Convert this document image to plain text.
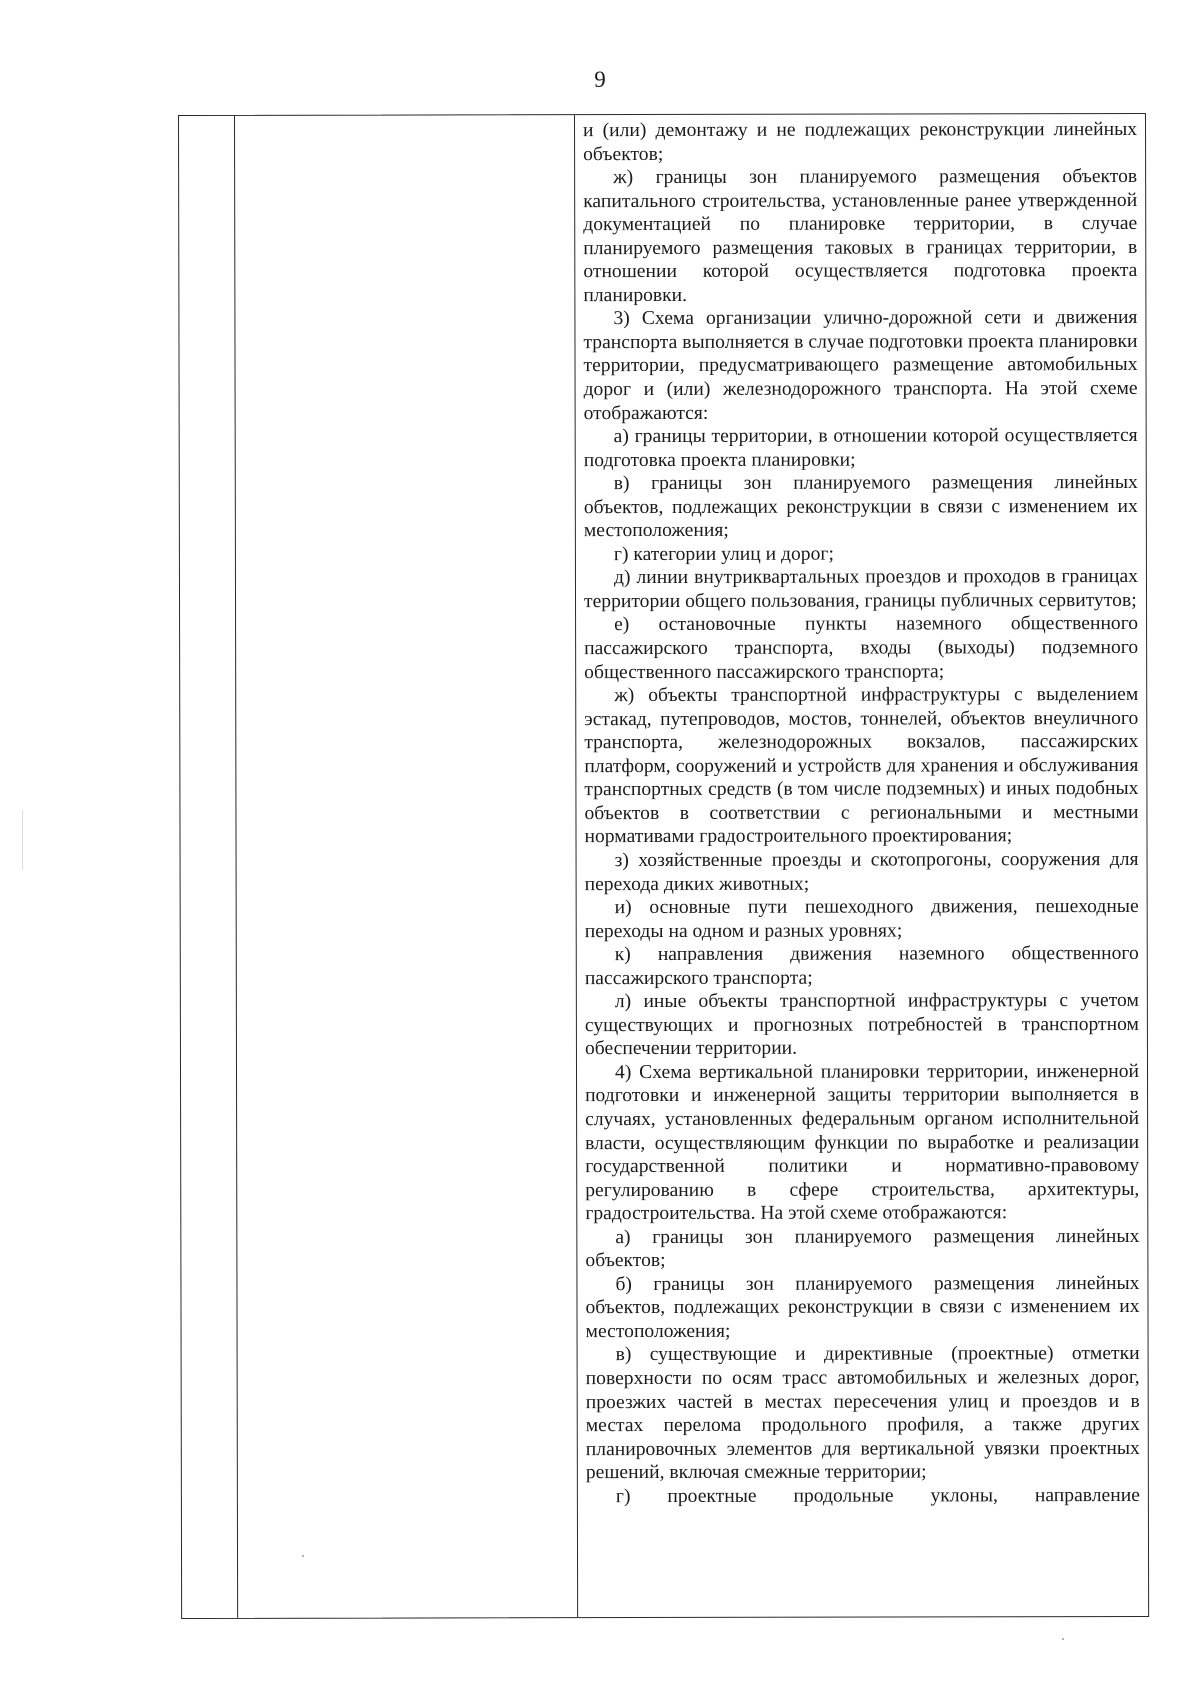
9

и (или) демонтажу и не подлежащих реконструкции линейных объектов;

ж) границы зон планируемого размещения объектов капитального строительства, установленные ранее утвержденной документацией по планировке территории, в случае планируемого размещения таковых в границах территории, в отношении которой осуществляется подготовка проекта планировки.

3) Схема организации улично-дорожной сети и движения транспорта выполняется в случае подготовки проекта планировки территории, предусматривающего размещение автомобильных дорог и (или) железнодорожного транспорта. На этой схеме отображаются:

а) границы территории, в отношении которой осуществляется подготовка проекта планировки;

в) границы зон планируемого размещения линейных объектов, подлежащих реконструкции в связи с изменением их местоположения;

г) категории улиц и дорог;

д) линии внутриквартальных проездов и проходов в границах территории общего пользования, границы публичных сервитутов;

е) остановочные пункты наземного общественного пассажирского транспорта, входы (выходы) подземного общественного пассажирского транспорта;

ж) объекты транспортной инфраструктуры с выделением эстакад, путепроводов, мостов, тоннелей, объектов внеуличного транспорта, железнодорожных вокзалов, пассажирских платформ, сооружений и устройств для хранения и обслуживания транспортных средств (в том числе подземных) и иных подобных объектов в соответствии с региональными и местными нормативами градостроительного проектирования;

з) хозяйственные проезды и скотопрогоны, сооружения для перехода диких животных;

и) основные пути пешеходного движения, пешеходные переходы на одном и разных уровнях;

к) направления движения наземного общественного пассажирского транспорта;

л) иные объекты транспортной инфраструктуры с учетом существующих и прогнозных потребностей в транспортном обеспечении территории.

4) Схема вертикальной планировки территории, инженерной подготовки и инженерной защиты территории выполняется в случаях, установленных федеральным органом исполнительной власти, осуществляющим функции по выработке и реализации государственной политики и нормативно-правовому регулированию в сфере строительства, архитектуры, градостроительства. На этой схеме отображаются:

а) границы зон планируемого размещения линейных объектов;

б) границы зон планируемого размещения линейных объектов, подлежащих реконструкции в связи с изменением их местоположения;

в) существующие и директивные (проектные) отметки поверхности по осям трасс автомобильных и железных дорог, проезжих частей в местах пересечения улиц и проездов и в местах перелома продольного профиля, а также других планировочных элементов для вертикальной увязки проектных решений, включая смежные территории;

г) проектные продольные уклоны, направление
